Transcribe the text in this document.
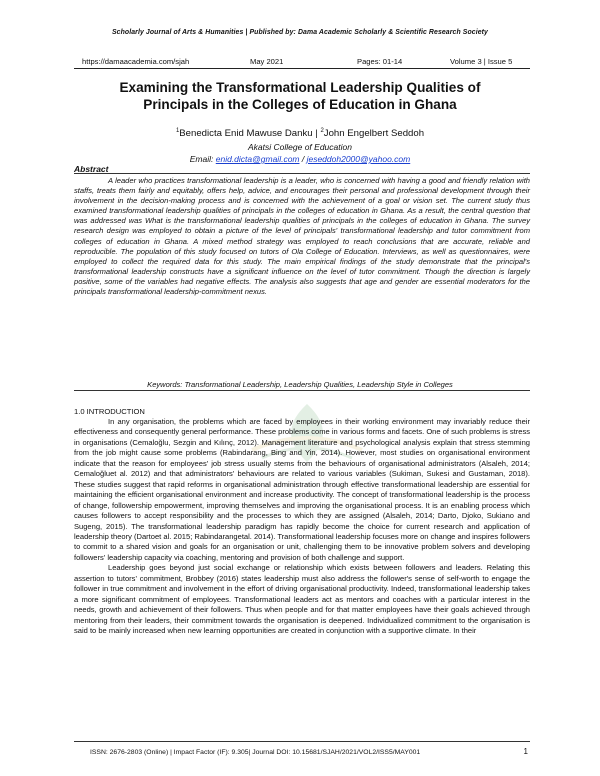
Scholarly Journal of Arts & Humanities | Published by: Dama Academic Scholarly & Scientific Research Society
https://damaacademia.com/sjah	May 2021	Pages: 01-14	Volume 3 | Issue 5
Examining the Transformational Leadership Qualities of
Principals in the Colleges of Education in Ghana
$^1$Benedicta Enid Mawuse Danku | $^2$John Engelbert Seddoh
Akatsi College of Education
Email: enid.dicta@gmail.com / jeseddoh2000@yahoo.com
Abstract

A leader who practices transformational leadership is a leader, who is concerned with having a good and friendly relation with staffs, treats them fairly and equitably, offers help, advice, and encourages their personal and professional development through their involvement in the decision-making process and is concerned with the achievement of a goal or vision set. The current study thus examined transformational leadership qualities of principals in the colleges of education in Ghana. As a result, the central question that was addressed was What is the transformational leadership qualities of principals in the colleges of education in Ghana. The survey research design was employed to obtain a picture of the level of principals' transformational leadership and tutor commitment from colleges of education in Ghana. A mixed method strategy was employed to reach conclusions that are accurate, reliable and reproducible. The population of this study focused on tutors of Ola College of Education. Interviews, as well as questionnaires, were employed to collect the required data for this study. The main empirical findings of the study demonstrate that the principal's transformational leadership constructs have a significant influence on the level of tutor commitment. Though the direction is largely positive, some of the variables had negative effects. The analysis also suggests that age and gender are essential moderators for the principals transformational leadership-commitment nexus.

Keywords: Transformational Leadership, Leadership Qualities, Leadership Style in Colleges
1.0 INTRODUCTION

In any organisation, the problems which are faced by employees in their working environment may invariably reduce their effectiveness and consequently general performance. These problems come in various forms and facets. One of such problems is stress in organisations (Cemaloğlu, Sezgin and Kılınç, 2012). Management literature and psychological analysis explain that stress stemming from the job might cause some problems (Rabindarang, Bing and Yin, 2014). However, most studies on organisational environment indicate that the reason for employees' job stress usually stems from the behaviours of organisational administrators (Alsaleh, 2014; Cemaloğluet al. 2012) and that administrators' behaviours are related to various variables (Sukiman, Sukesi and Gustaman, 2018). These studies suggest that rapid reforms in organisational administration through effective transformational leadership are essential for maintaining the efficient organisational environment and increase productivity. The concept of transformational leadership is the process of change, followership empowerment, improving themselves and improving the organisational process. It is an enabling process which causes followers to accept responsibility and the processes to which they are assigned (Alsaleh, 2014; Darto, Djoko, Sukiano and Sugeng, 2015). The transformational leadership paradigm has rapidly become the choice for current research and application of leadership theory (Dartoet al. 2015; Rabindarangetal. 2014). Transformational leadership focuses more on change and inspires followers to commit to a shared vision and goals for an organisation or unit, challenging them to be innovative problem solvers and developing followers' leadership capacity via coaching, mentoring and provision of both challenge and support.

Leadership goes beyond just social exchange or relationship which exists between followers and leaders. Relating this assertion to tutors' commitment, Brobbey (2016) states leadership must also address the follower's sense of self-worth to engage the follower in true commitment and involvement in the effort of driving organisational productivity. Indeed, transformational leadership takes a more significant commitment of employees. Transformational leaders act as mentors and coaches with a particular interest in the needs, growth and achievement of their followers. Thus when people and for that matter employees have their goals achieved through mentoring from their leaders, their commitment towards the organisation is deepened. Individualized commitment to the organisation is said to be mainly increased when new learning opportunities are created in conjunction with a supportive climate. In their

ISSN: 2676-2803 (Online) | Impact Factor (IF): 9.305| Journal DOI: 10.15681/SJAH/2021/VOL2/ISS5/MAY001	1
